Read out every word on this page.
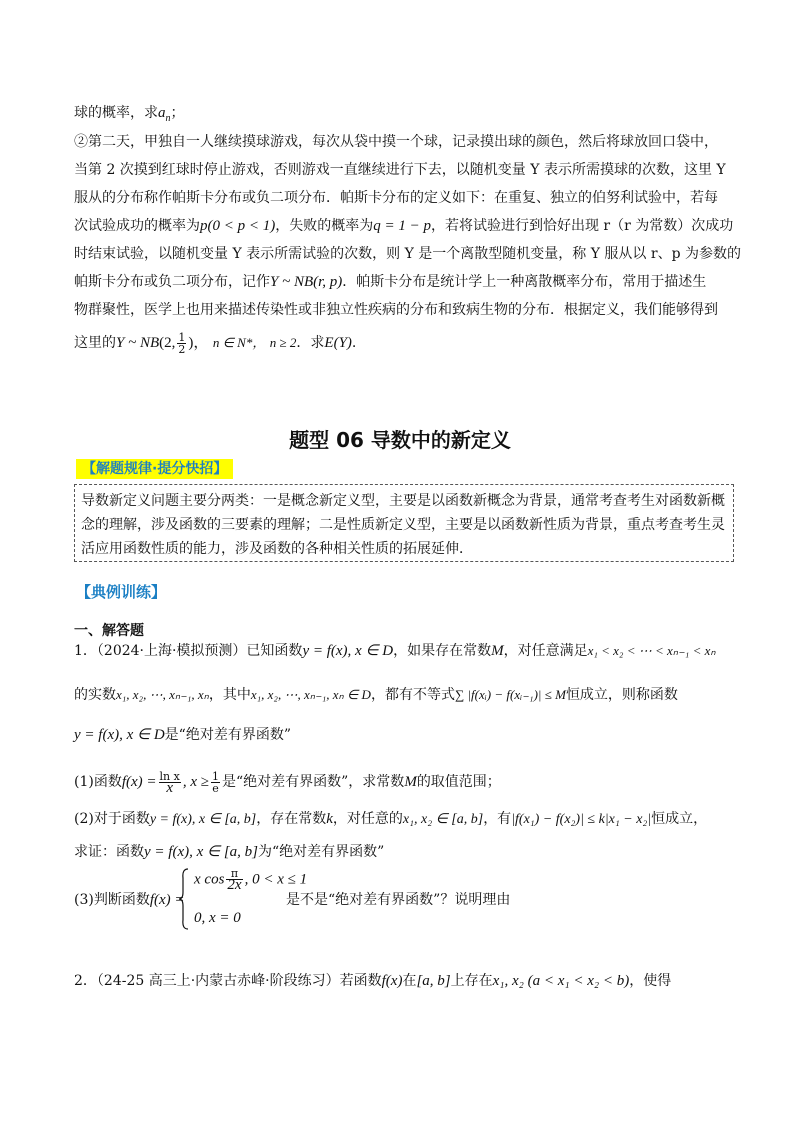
球的概率，求$a_n$；
②第二天，甲独自一人继续摸球游戏，每次从袋中摸一个球，记录摸出球的颜色，然后将球放回口袋中，
当第 2 次摸到红球时停止游戏，否则游戏一直继续进行下去，以随机变量 Y 表示所需摸球的次数，这里 Y
服从的分布称作帕斯卡分布或负二项分布．帕斯卡分布的定义如下：在重复、独立的伯努利试验中，若每
次试验成功的概率为p(0 < p < 1)，失败的概率为q = 1 − p，若将试验进行到恰好出现 r（r 为常数）次成功
时结束试验，以随机变量 Y 表示所需试验的次数，则 Y 是一个离散型随机变量，称 Y 服从以 r、p 为参数的
帕斯卡分布或负二项分布，记作Y ~ NB(r, p)．帕斯卡分布是统计学上一种离散概率分布，常用于描述生
物群聚性，医学上也用来描述传染性或非独立性疾病的分布和致病生物的分布．根据定义，我们能够得到
这里的Y ~ NB(2, $\frac{1}{2}$ )， n ∈ N*， n ≥ 2．求E(Y).
题型 06 导数中的新定义
【解题规律·提分快招】
导数新定义问题主要分两类：一是概念新定义型，主要是以函数新概念为背景，通常考查考生对函数新概
念的理解，涉及函数的三要素的理解；二是性质新定义型，主要是以函数新性质为背景，重点考查考生灵
活应用函数性质的能力，涉及函数的各种相关性质的拓展延伸．
【典例训练】
一、解答题
1．（2024·上海·模拟预测）已知函数y = f(x), x ∈ D，如果存在常数M，对任意满足x₁ < x₂ < ⋯ < xₙ₋₁ < xₙ
的实数x₁, x₂, ⋯, xₙ₋₁, xₙ，其中x₁, x₂, ⋯, xₙ₋₁, xₙ ∈ D，都有不等式∑ |f(xᵢ) − f(xᵢ₋₁)| ≤ M恒成立，则称函数
y = f(x), x ∈ D是“绝对差有界函数”
(1)函数$f(x) = \frac{\text{ln x}}{x}$ , $x \ge \frac{1}{e}$ 是“绝对差有界函数”，求常数M的取值范围；
(2)对于函数y = f(x), x ∈ [a, b]，存在常数k，对任意的x₁, x₂ ∈ [a, b]，有|f(x₁) − f(x₂)| ≤ k|x₁ − x₂|恒成立，
求证：函数y = f(x), x ∈ [a, b]为“绝对差有界函数”
(3)判断函数f(x) =
x $\cos \frac{\pi}{2x}$ , 0 < x ≤ 1
0, x = 0
是不是“绝对差有界函数”？说明理由
2．（24-25 高三上·内蒙古赤峰·阶段练习）若函数f(x)在[a, b]上存在x₁, x₂ (a < x₁ < x₂ < b)，使得
